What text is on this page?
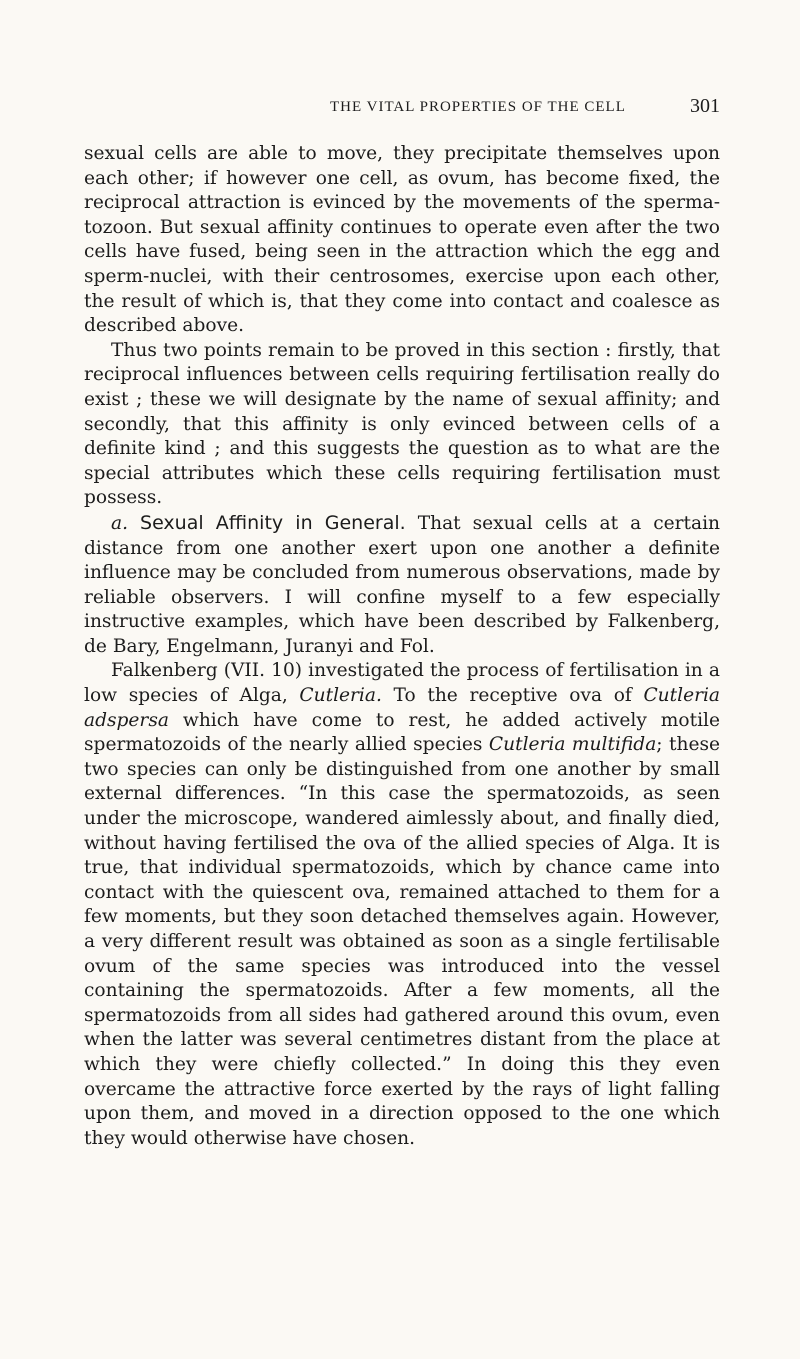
THE VITAL PROPERTIES OF THE CELL	301

sexual cells are able to move, they precipitate themselves upon each other; if however one cell, as ovum, has become fixed, the reciprocal attraction is evinced by the movements of the spermatozoon. But sexual affinity continues to operate even after the two cells have fused, being seen in the attraction which the egg and sperm-nuclei, with their centrosomes, exercise upon each other, the result of which is, that they come into contact and coalesce as described above.

Thus two points remain to be proved in this section : firstly, that reciprocal influences between cells requiring fertilisation really do exist ; these we will designate by the name of sexual affinity; and secondly, that this affinity is only evinced between cells of a definite kind ; and this suggests the question as to what are the special attributes which these cells requiring fertilisation must possess.

a. Sexual Affinity in General. That sexual cells at a certain distance from one another exert upon one another a definite influence may be concluded from numerous observations, made by reliable observers. I will confine myself to a few especially instructive examples, which have been described by Falkenberg, de Bary, Engelmann, Juranyi and Fol.

Falkenberg (VII. 10) investigated the process of fertilisation in a low species of Alga, Cutleria. To the receptive ova of Cutleria adspersa which have come to rest, he added actively motile spermatozoids of the nearly allied species Cutleria multifida; these two species can only be distinguished from one another by small external differences. “In this case the spermatozoids, as seen under the microscope, wandered aimlessly about, and finally died, without having fertilised the ova of the allied species of Alga. It is true, that individual spermatozoids, which by chance came into contact with the quiescent ova, remained attached to them for a few moments, but they soon detached themselves again. However, a very different result was obtained as soon as a single fertilisable ovum of the same species was introduced into the vessel containing the spermatozoids. After a few moments, all the spermatozoids from all sides had gathered around this ovum, even when the latter was several centimetres distant from the place at which they were chiefly collected.” In doing this they even overcame the attractive force exerted by the rays of light falling upon them, and moved in a direction opposed to the one which they would otherwise have chosen.
